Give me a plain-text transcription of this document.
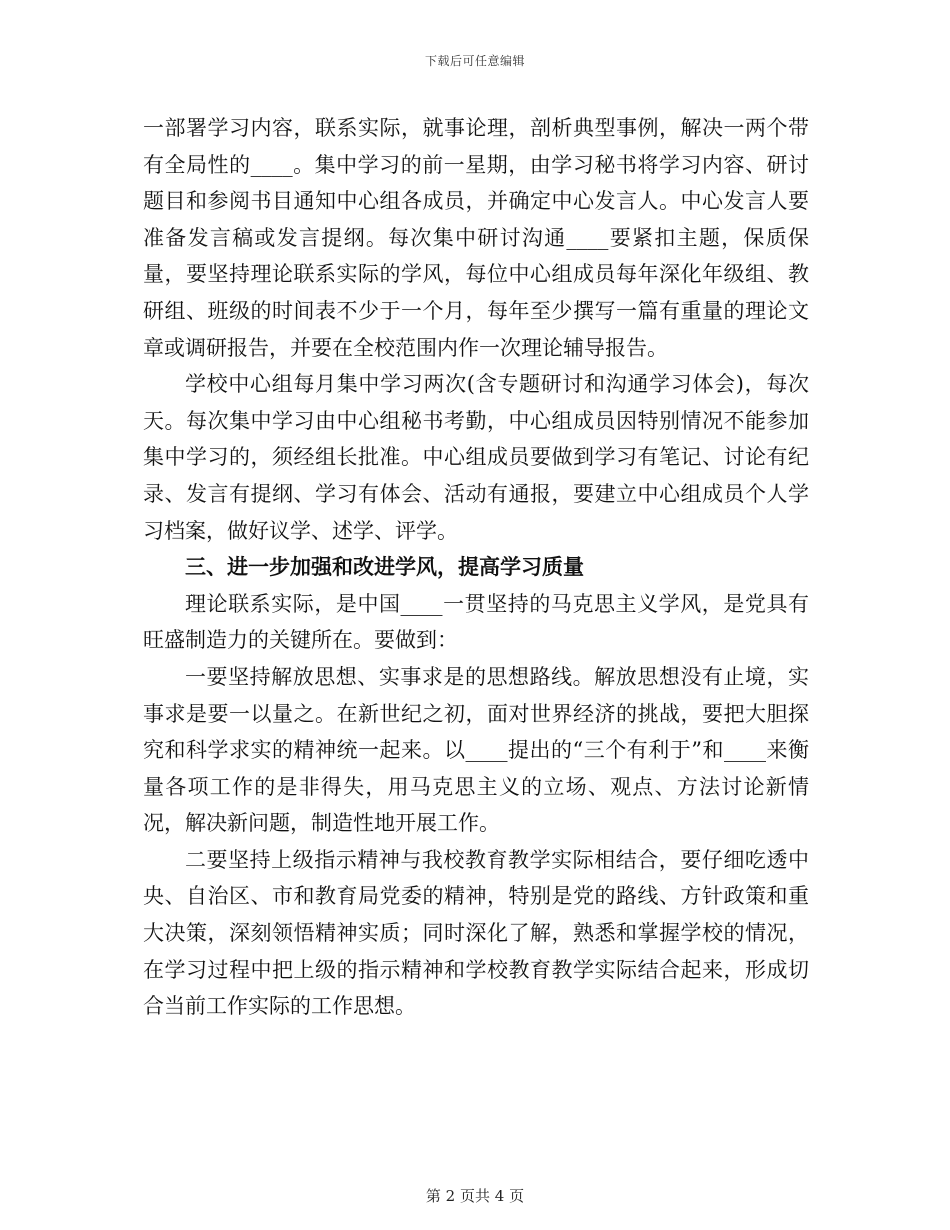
下载后可任意编辑

一部署学习内容，联系实际，就事论理，剖析典型事例，解决一两个带有全局性的____。集中学习的前一星期，由学习秘书将学习内容、研讨题目和参阅书目通知中心组各成员，并确定中心发言人。中心发言人要准备发言稿或发言提纲。每次集中研讨沟通____要紧扣主题，保质保量，要坚持理论联系实际的学风，每位中心组成员每年深化年级组、教研组、班级的时间表不少于一个月，每年至少撰写一篇有重量的理论文章或调研报告，并要在全校范围内作一次理论辅导报告。

学校中心组每月集中学习两次(含专题研讨和沟通学习体会)，每次天。每次集中学习由中心组秘书考勤，中心组成员因特别情况不能参加集中学习的，须经组长批准。中心组成员要做到学习有笔记、讨论有纪录、发言有提纲、学习有体会、活动有通报，要建立中心组成员个人学习档案，做好议学、述学、评学。

三、进一步加强和改进学风，提高学习质量

理论联系实际，是中国____一贯坚持的马克思主义学风，是党具有旺盛制造力的关键所在。要做到：

一要坚持解放思想、实事求是的思想路线。解放思想没有止境，实事求是要一以量之。在新世纪之初，面对世界经济的挑战，要把大胆探究和科学求实的精神统一起来。以____提出的“三个有利于”和____来衡量各项工作的是非得失，用马克思主义的立场、观点、方法讨论新情况，解决新问题，制造性地开展工作。

二要坚持上级指示精神与我校教育教学实际相结合，要仔细吃透中央、自治区、市和教育局党委的精神，特别是党的路线、方针政策和重大决策，深刻领悟精神实质；同时深化了解，熟悉和掌握学校的情况，在学习过程中把上级的指示精神和学校教育教学实际结合起来，形成切合当前工作实际的工作思想。

第 2 页共 4 页
